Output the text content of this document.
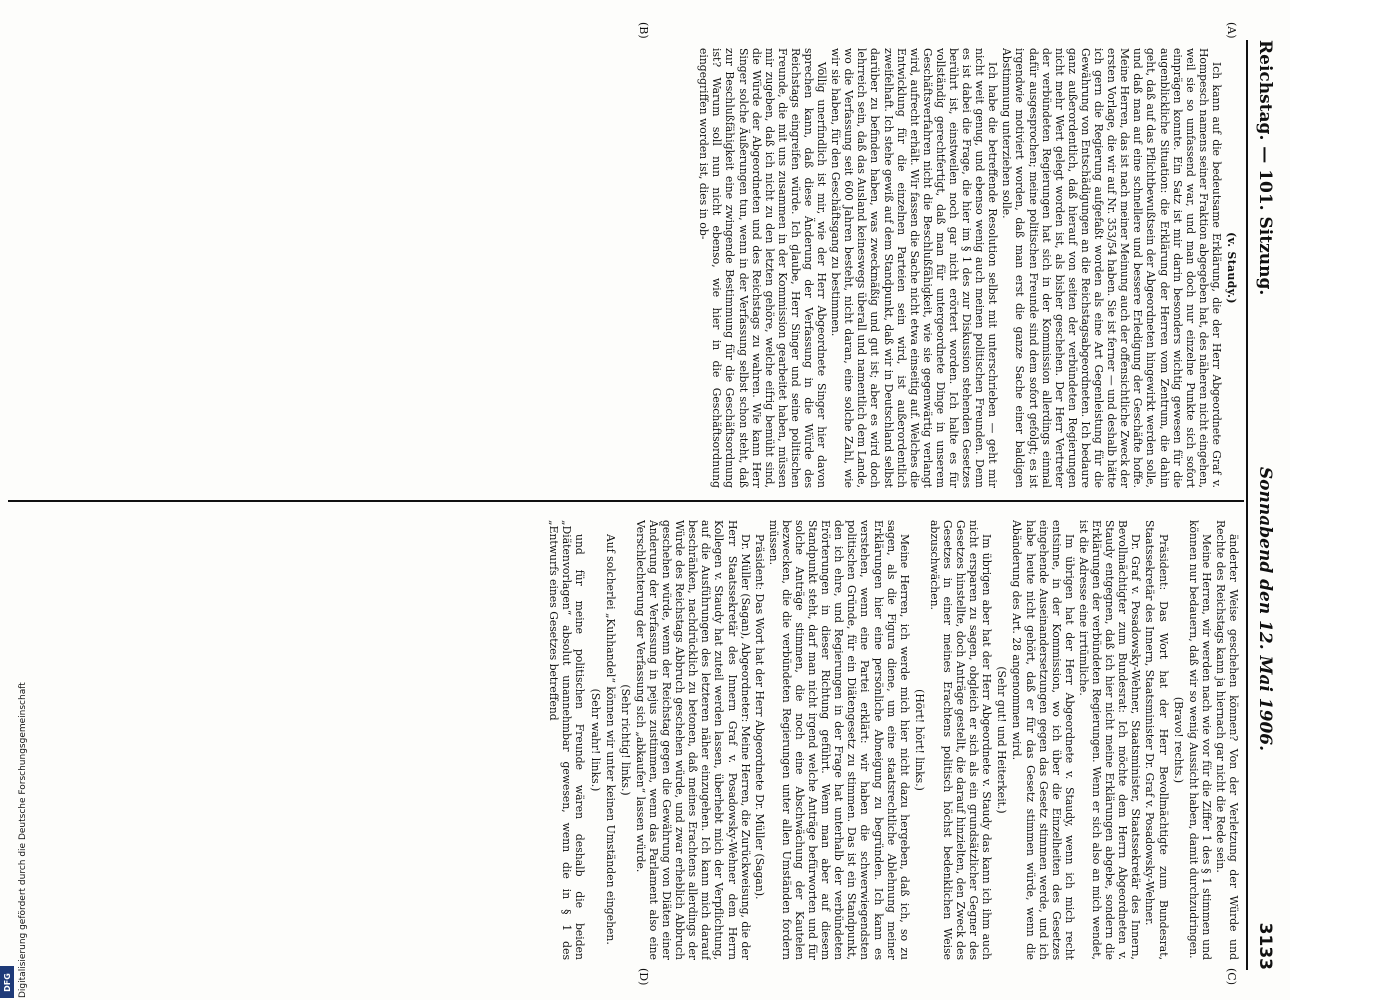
Reichstag. — 101. Sitzung.
Sonnabend den 12. Mai 1906.
3133
(A)
(B)
(C)
(D)

(v. Staudy.)

Ich kann auf die bedeutsame Erklärung, die der Herr Abgeordnete Graf v. Hompesch namens seiner Fraktion abgegeben hat, des näheren nicht eingehen, weil sie so umfassend war, und man doch nur einzelne Punkte sich sofort einprägen konnte. Ein Satz ist mir darin besonders wichtig gewesen für die augenblickliche Situation: die Erklärung der Herren vom Zentrum, die dahin geht, daß auf das Pflichtbewußtsein der Abgeordneten hingewirkt werden solle, und daß man auf eine schnellere und bessere Erledigung der Geschäfte hoffe. Meine Herren, das ist nach meiner Meinung auch der offensichtliche Zweck der ersten Vorlage, die wir auf Nr. 353/54 haben. Sie ist ferner — und deshalb hätte ich gern die Regierung aufgefaßt worden als eine Art Gegenleistung für die Gewährung von Entschädigungen an die Reichstagsabgeordneten. Ich bedaure ganz außerordentlich, daß hierauf von seiten der verbündeten Regierungen nicht mehr Wert gelegt worden ist, als bisher geschehen. Der Herr Vertreter der verbündeten Regierungen hat sich in der Kommission allerdings einmal dafür ausgesprochen; meine politischen Freunde sind dem sofort gefolgt; es ist irgendwie motiviert worden, daß man erst die ganze Sache einer baldigen Abstimmung unterziehen solle.

Ich habe die betreffende Resolution selbst mit unterschrieben — geht mir nicht weit genug, und ebenso wenig auch meinen politischen Freunden. Denn es ist dabei die Frage, die hier im § 1 des zur Diskussion stehenden Gesetzes berührt ist, einstweilen noch gar nicht erörtert worden. Ich halte es für vollständig gerechtfertigt, daß man für untergeordnete Dinge in unserem Geschäftsverfahren nicht die Beschlußfähigkeit, wie sie gegenwärtig verlangt wird, aufrecht erhält. Wir fassen die Sache nicht etwa einseitig auf. Welches die Entwicklung für die einzelnen Parteien sein wird, ist außerordentlich zweifelhaft. Ich stehe gewiß auf dem Standpunkt, daß wir in Deutschland selbst darüber zu befinden haben, was zweckmäßig und gut ist; aber es wird doch lehrreich sein, daß das Ausland keineswegs überall und namentlich dem Lande, wo die Verfassung seit 600 Jahren besteht, nicht daran, eine solche Zahl, wie wir sie haben, für den Geschäftsgang zu bestimmen.

Völlig unerfindlich ist mir, wie der Herr Abgeordnete Singer hier davon sprechen kann, daß diese Änderung der Verfassung in die Würde des Reichstags eingreifen würde. Ich glaube, Herr Singer und seine politischen Freunde, die mit uns zusammen in der Kommission gearbeitet haben, müssen mir zugeben, daß ich nicht zu den letzten gehöre, welche eifrig bemüht sind, die Würde der Abgeordneten und des Reichstags zu wahren. Wie kann Herr Singer solche Äußerungen tun, wenn in der Verfassung selbst schon steht, daß zur Beschlußfähigkeit eine zwingende Bestimmung für die Geschäftsordnung ist? Warum soll nun nicht ebenso, wie hier in die Geschäftsordnung eingegriffen worden ist, dies in ob-

änderter Weise geschehen können? Von der Verletzung der Würde und Rechte des Reichstags kann ja hiernach gar nicht die Rede sein.

Meine Herren, wir werden nach wie vor für die Ziffer 1 des § 1 stimmen und können nur bedauern, daß wir so wenig Aussicht haben, damit durchzudringen.

(Bravo! rechts.)

Präsident: Das Wort hat der Herr Bevollmächtigte zum Bundesrat, Staatssekretär des Innern, Staatsminister Dr. Graf v. Posadowsky-Wehner.

Dr. Graf v. Posadowsky-Wehner, Staatsminister, Staatssekretär des Innern, Bevollmächtigter zum Bundesrat: Ich möchte dem Herrn Abgeordneten v. Staudy entgegnen, daß ich hier nicht meine Erklärungen abgebe, sondern die Erklärungen der verbündeten Regierungen. Wenn er sich also an mich wendet, ist die Adresse eine irrtümliche.

Im übrigen hat der Herr Abgeordnete v. Staudy, wenn ich mich recht entsinne, in der Kommission, wo ich über die Einzelheiten des Gesetzes eingehende Auseinandersetzungen gegen das Gesetz stimmen werde, und ich habe heute nicht gehört, daß er für das Gesetz stimmen würde, wenn die Abänderung des Art. 28 angenommen wird.

(Sehr gut! und Heiterkeit.)

Im übrigen aber hat der Herr Abgeordnete v. Staudy das kann ich ihm auch nicht ersparen zu sagen, obgleich er sich als ein grundsätzlicher Gegner des Gesetzes hinstellte, doch Anträge gestellt, die darauf hinzielten, den Zweck des Gesetzes in einer meines Erachtens politisch höchst bedenklichen Weise abzuschwächen.

(Hört! hört! links.)

Meine Herren, ich werde mich hier nicht dazu hergeben, daß ich, so zu sagen, als die Figura diene, um eine staatsrechtliche Ablehnung meiner Erklärungen hier eine persönliche Abneigung zu begründen. Ich kann es verstehen, wenn eine Partei erklärt: wir haben die schwerwiegendsten politischen Gründe, für ein Diätengesetz zu stimmen. Das ist ein Standpunkt, den ich ehre, und Regierungen in der Frage hat unterhalb der verbündeten Erörterungen in dieser Richtung geführt. Wenn man aber auf diesem Standpunkt steht, darf man nicht irgend welche Anträge befürworten und für solche Anträge stimmen, die noch eine Abschwächung der Kautelen bezwecken, die die verbündeten Regierungen unter allen Umständen fordern müssen.

Präsident: Das Wort hat der Herr Abgeordnete Dr. Müller (Sagan).

Dr. Müller (Sagan), Abgeordneter: Meine Herren, die Zurückweisung, die der Herr Staatssekretär des Innern Graf v. Posadowsky-Wehner dem Herrn Kollegen v. Staudy hat zuteil werden lassen, überhebt mich der Verpflichtung, auf die Ausführungen des letzteren näher einzugehen. Ich kann mich darauf beschränken, nachdrücklich zu betonen, daß meines Erachtens allerdings der Würde des Reichstags Abbruch geschehen würde, und zwar erheblich Abbruch geschehen würde, wenn der Reichstag gegen die Gewährung von Diäten einer Änderung der Verfassung in pejus zustimmen, wenn das Parlament also eine Verschlechterung der Verfassung sich „abkaufen“ lassen würde.

(Sehr richtig! links.)

Auf solcherlei „Kuhhandel“ können wir unter keinen Umständen eingehen.

(Sehr wahr! links.)

und für meine politischen Freunde wären deshalb die beiden „Diätenvorlagen“ absolut unannehmbar gewesen, wenn die in § 1 des „Entwurfs eines Gesetzes betreffend

Digitalisierung gefördert durch die Deutsche Forschungsgemeinschaft
DFG
